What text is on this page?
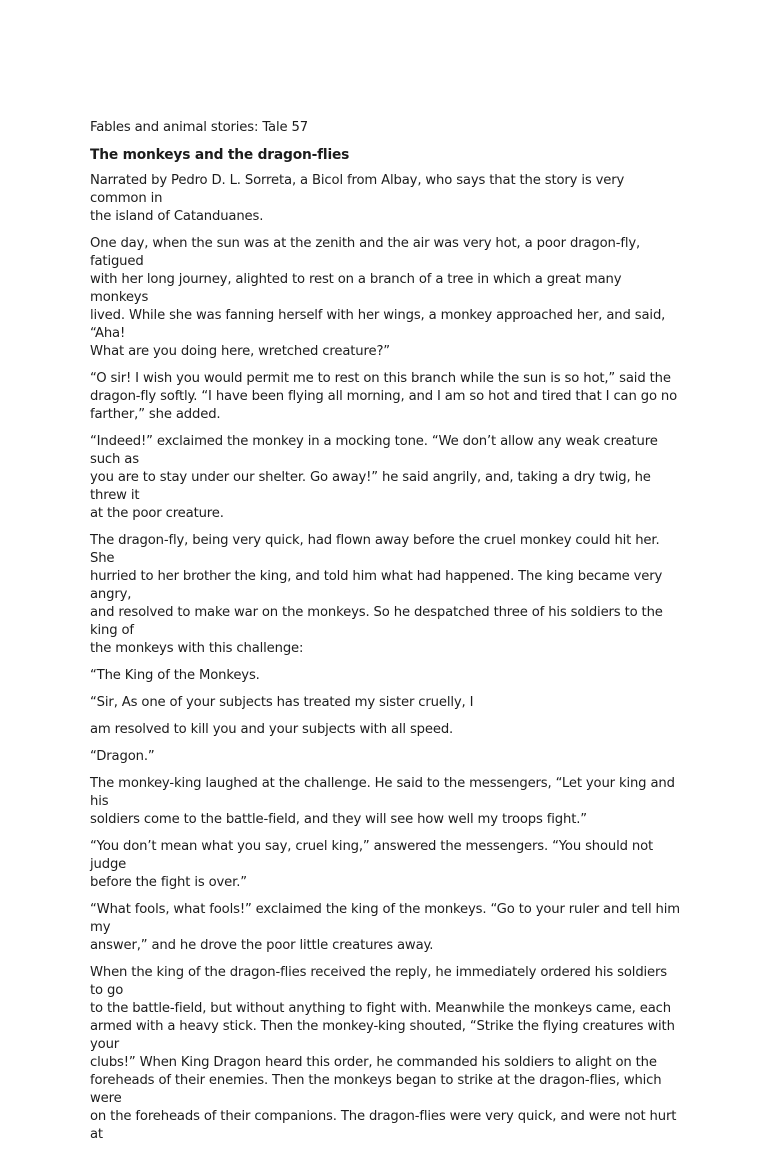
Fables and animal stories: Tale 57
The monkeys and the dragon-flies
Narrated by Pedro D. L. Sorreta, a Bicol from Albay, who says that the story is very common in
the island of Catanduanes.
One day, when the sun was at the zenith and the air was very hot, a poor dragon-fly, fatigued
with her long journey, alighted to rest on a branch of a tree in which a great many monkeys
lived. While she was fanning herself with her wings, a monkey approached her, and said, “Aha!
What are you doing here, wretched creature?”
“O sir! I wish you would permit me to rest on this branch while the sun is so hot,” said the
dragon-fly softly. “I have been flying all morning, and I am so hot and tired that I can go no
farther,” she added.
“Indeed!” exclaimed the monkey in a mocking tone. “We don’t allow any weak creature such as
you are to stay under our shelter. Go away!” he said angrily, and, taking a dry twig, he threw it
at the poor creature.
The dragon-fly, being very quick, had flown away before the cruel monkey could hit her. She
hurried to her brother the king, and told him what had happened. The king became very angry,
and resolved to make war on the monkeys. So he despatched three of his soldiers to the king of
the monkeys with this challenge:
“The King of the Monkeys.
“Sir, As one of your subjects has treated my sister cruelly, I
am resolved to kill you and your subjects with all speed.
“Dragon.”
The monkey-king laughed at the challenge. He said to the messengers, “Let your king and his
soldiers come to the battle-field, and they will see how well my troops fight.”
“You don’t mean what you say, cruel king,” answered the messengers. “You should not judge
before the fight is over.”
“What fools, what fools!” exclaimed the king of the monkeys. “Go to your ruler and tell him my
answer,” and he drove the poor little creatures away.
When the king of the dragon-flies received the reply, he immediately ordered his soldiers to go
to the battle-field, but without anything to fight with. Meanwhile the monkeys came, each
armed with a heavy stick. Then the monkey-king shouted, “Strike the flying creatures with your
clubs!” When King Dragon heard this order, he commanded his soldiers to alight on the
foreheads of their enemies. Then the monkeys began to strike at the dragon-flies, which were
on the foreheads of their companions. The dragon-flies were very quick, and were not hurt at
